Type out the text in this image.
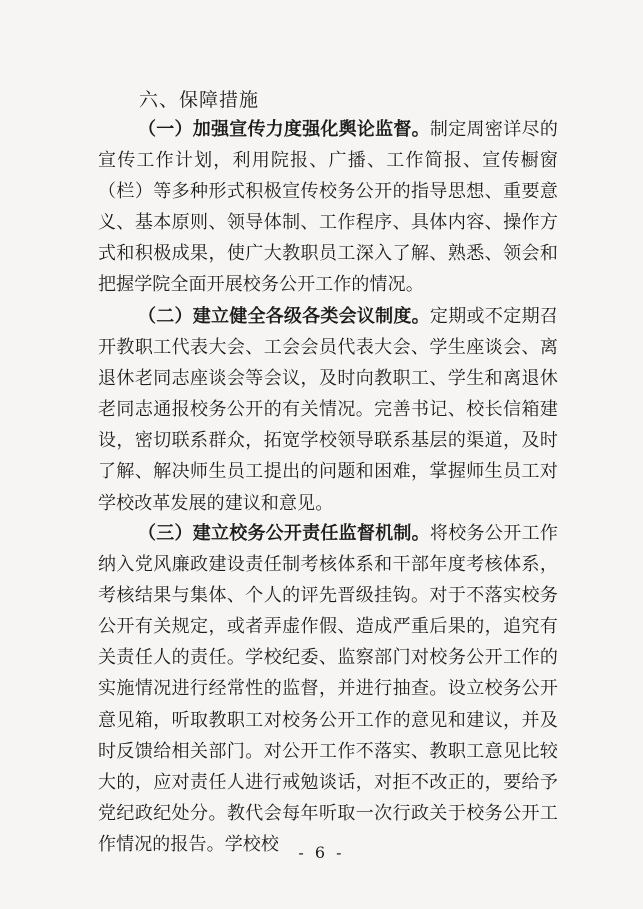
六、保障措施

（一）加强宣传力度强化舆论监督。制定周密详尽的宣传工作计划，利用院报、广播、工作简报、宣传橱窗（栏）等多种形式积极宣传校务公开的指导思想、重要意义、基本原则、领导体制、工作程序、具体内容、操作方式和积极成果，使广大教职员工深入了解、熟悉、领会和把握学院全面开展校务公开工作的情况。

（二）建立健全各级各类会议制度。定期或不定期召开教职工代表大会、工会会员代表大会、学生座谈会、离退休老同志座谈会等会议，及时向教职工、学生和离退休老同志通报校务公开的有关情况。完善书记、校长信箱建设，密切联系群众，拓宽学校领导联系基层的渠道，及时了解、解决师生员工提出的问题和困难，掌握师生员工对学校改革发展的建议和意见。

（三）建立校务公开责任监督机制。将校务公开工作纳入党风廉政建设责任制考核体系和干部年度考核体系，考核结果与集体、个人的评先晋级挂钩。对于不落实校务公开有关规定，或者弄虚作假、造成严重后果的，追究有关责任人的责任。学校纪委、监察部门对校务公开工作的实施情况进行经常性的监督，并进行抽查。设立校务公开意见箱，听取教职工对校务公开工作的意见和建议，并及时反馈给相关部门。对公开工作不落实、教职工意见比较大的，应对责任人进行戒勉谈话，对拒不改正的，要给予党纪政纪处分。教代会每年听取一次行政关于校务公开工作情况的报告。学校校	- 6 -
